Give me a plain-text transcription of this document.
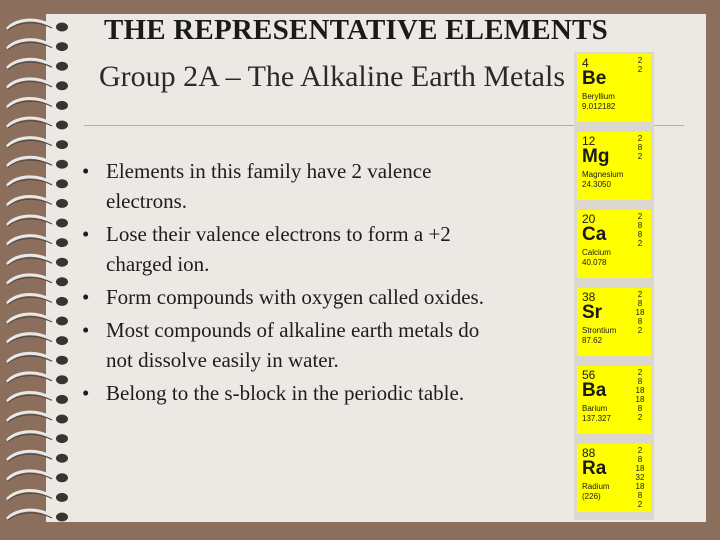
THE REPRESENTATIVE ELEMENTS
Group 2A – The Alkaline Earth Metals
• Elements in this family have 2 valence electrons.
• Lose their valence electrons to form a +2 charged ion.
• Form compounds with oxygen called oxides.
• Most compounds of alkaline earth metals do not dissolve easily in water.
• Belong to the s-block in the periodic table.
4
Be
Beryllium
9.012182
2
2
12
Mg
Magnesium
24.3050
2
8
2
20
Ca
Calcium
40.078
2
8
8
2
38
Sr
Strontium
87.62
2
8
18
8
2
56
Ba
Barium
137.327
2
8
18
18
8
2
88
Ra
Radium
(226)
2
8
18
32
18
8
2
